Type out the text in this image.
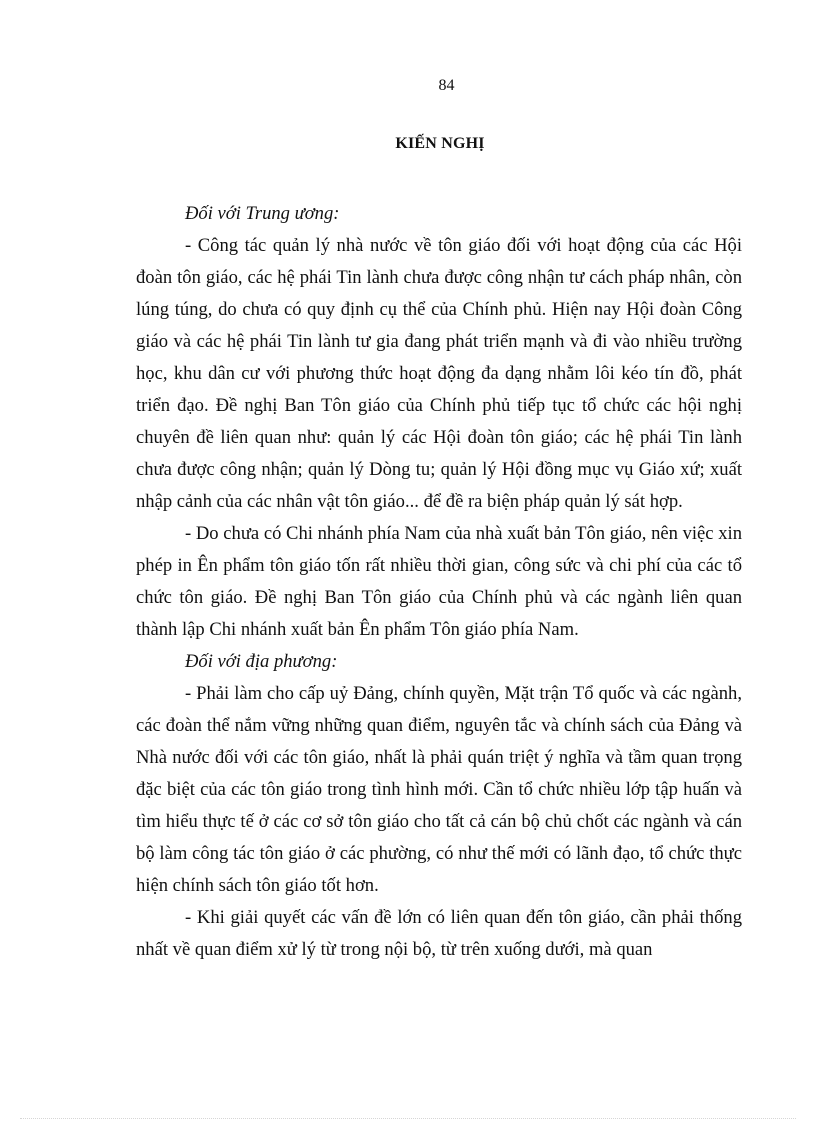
84
KIẾN NGHỊ

Đối với Trung ương:

- Công tác quản lý nhà nước về tôn giáo đối với hoạt động của các Hội đoàn tôn giáo, các hệ phái Tin lành chưa được công nhận tư cách pháp nhân, còn lúng túng, do chưa có quy định cụ thể của Chính phủ. Hiện nay Hội đoàn Công giáo và các hệ phái Tin lành tư gia đang phát triển mạnh và đi vào nhiều trường học, khu dân cư với phương thức hoạt động đa dạng nhằm lôi kéo tín đồ, phát triển đạo. Đề nghị Ban Tôn giáo của Chính phủ tiếp tục tổ chức các hội nghị chuyên đề liên quan như: quản lý các Hội đoàn tôn giáo; các hệ phái Tin lành chưa được công nhận; quản lý Dòng tu; quản lý Hội đồng mục vụ Giáo xứ; xuất nhập cảnh của các nhân vật tôn giáo... để đề ra biện pháp quản lý sát hợp.

- Do chưa có Chi nhánh phía Nam của nhà xuất bản Tôn giáo, nên việc xin phép in Ên phẩm tôn giáo tốn rất nhiều thời gian, công sức và chi phí của các tổ chức tôn giáo. Đề nghị Ban Tôn giáo của Chính phủ và các ngành liên quan thành lập Chi nhánh xuất bản Ên phẩm Tôn giáo phía Nam.

Đối với địa phương:

- Phải làm cho cấp uỷ Đảng, chính quyền, Mặt trận Tổ quốc và các ngành, các đoàn thể nắm vững những quan điểm, nguyên tắc và chính sách của Đảng và Nhà nước đối với các tôn giáo, nhất là phải quán triệt ý nghĩa và tầm quan trọng đặc biệt của các tôn giáo trong tình hình mới. Cần tổ chức nhiều lớp tập huấn và tìm hiểu thực tế ở các cơ sở tôn giáo cho tất cả cán bộ chủ chốt các ngành và cán bộ làm công tác tôn giáo ở các phường, có như thế mới có lãnh đạo, tổ chức thực hiện chính sách tôn giáo tốt hơn.

- Khi giải quyết các vấn đề lớn có liên quan đến tôn giáo, cần phải thống nhất về quan điểm xử lý từ trong nội bộ, từ trên xuống dưới, mà quan
